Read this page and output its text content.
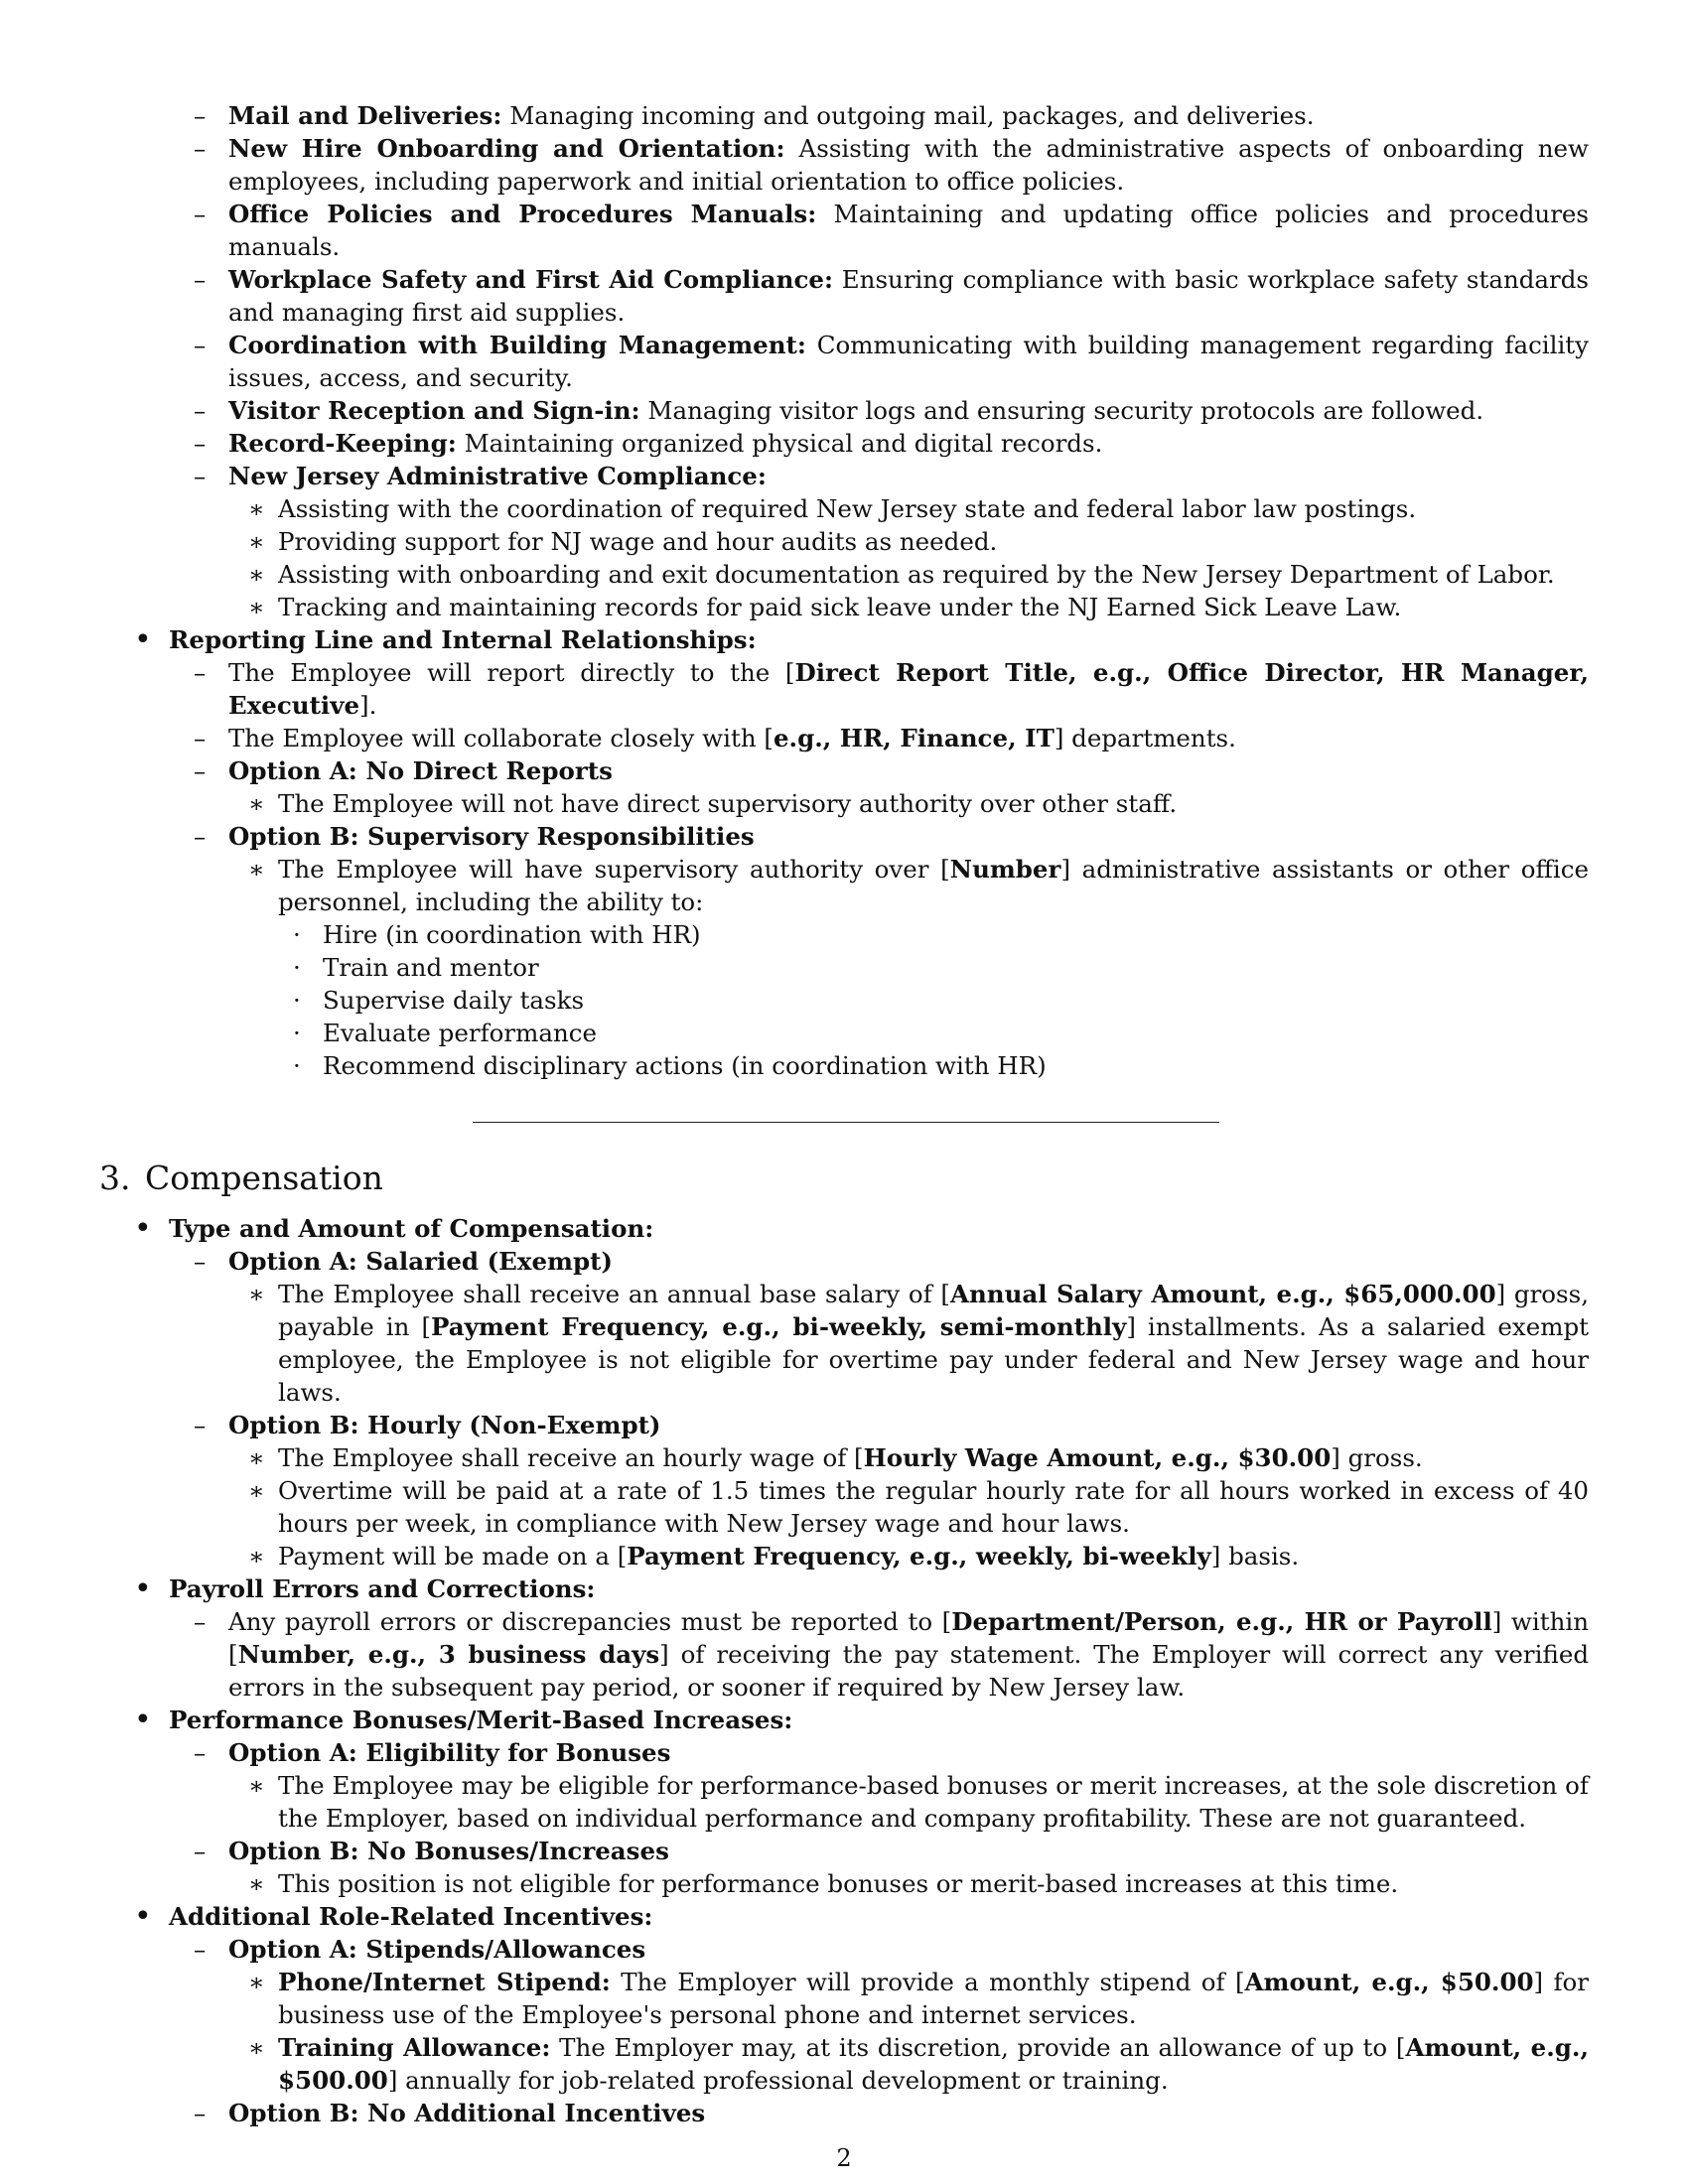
– Mail and Deliveries: Managing incoming and outgoing mail, packages, and deliveries.
– New Hire Onboarding and Orientation: Assisting with the administrative aspects of onboarding new employees, including paperwork and initial orientation to office policies.
– Office Policies and Procedures Manuals: Maintaining and updating office policies and procedures manuals.
– Workplace Safety and First Aid Compliance: Ensuring compliance with basic workplace safety standards and managing first aid supplies.
– Coordination with Building Management: Communicating with building management regarding facility issues, access, and security.
– Visitor Reception and Sign-in: Managing visitor logs and ensuring security protocols are followed.
– Record-Keeping: Maintaining organized physical and digital records.
– New Jersey Administrative Compliance:
∗ Assisting with the coordination of required New Jersey state and federal labor law postings.
∗ Providing support for NJ wage and hour audits as needed.
∗ Assisting with onboarding and exit documentation as required by the New Jersey Department of Labor.
∗ Tracking and maintaining records for paid sick leave under the NJ Earned Sick Leave Law.
• Reporting Line and Internal Relationships:
– The Employee will report directly to the [Direct Report Title, e.g., Office Director, HR Manager, Executive].
– The Employee will collaborate closely with [e.g., HR, Finance, IT] departments.
– Option A: No Direct Reports
∗ The Employee will not have direct supervisory authority over other staff.
– Option B: Supervisory Responsibilities
∗ The Employee will have supervisory authority over [Number] administrative assistants or other office personnel, including the ability to:
· Hire (in coordination with HR)
· Train and mentor
· Supervise daily tasks
· Evaluate performance
· Recommend disciplinary actions (in coordination with HR)
3. Compensation
• Type and Amount of Compensation:
– Option A: Salaried (Exempt)
∗ The Employee shall receive an annual base salary of [Annual Salary Amount, e.g., $65,000.00] gross, payable in [Payment Frequency, e.g., bi-weekly, semi-monthly] installments. As a salaried exempt employee, the Employee is not eligible for overtime pay under federal and New Jersey wage and hour laws.
– Option B: Hourly (Non-Exempt)
∗ The Employee shall receive an hourly wage of [Hourly Wage Amount, e.g., $30.00] gross.
∗ Overtime will be paid at a rate of 1.5 times the regular hourly rate for all hours worked in excess of 40 hours per week, in compliance with New Jersey wage and hour laws.
∗ Payment will be made on a [Payment Frequency, e.g., weekly, bi-weekly] basis.
• Payroll Errors and Corrections:
– Any payroll errors or discrepancies must be reported to [Department/Person, e.g., HR or Payroll] within [Number, e.g., 3 business days] of receiving the pay statement. The Employer will correct any verified errors in the subsequent pay period, or sooner if required by New Jersey law.
• Performance Bonuses/Merit-Based Increases:
– Option A: Eligibility for Bonuses
∗ The Employee may be eligible for performance-based bonuses or merit increases, at the sole discretion of the Employer, based on individual performance and company profitability. These are not guaranteed.
– Option B: No Bonuses/Increases
∗ This position is not eligible for performance bonuses or merit-based increases at this time.
• Additional Role-Related Incentives:
– Option A: Stipends/Allowances
∗ Phone/Internet Stipend: The Employer will provide a monthly stipend of [Amount, e.g., $50.00] for business use of the Employee's personal phone and internet services.
∗ Training Allowance: The Employer may, at its discretion, provide an allowance of up to [Amount, e.g., $500.00] annually for job-related professional development or training.
– Option B: No Additional Incentives
2
